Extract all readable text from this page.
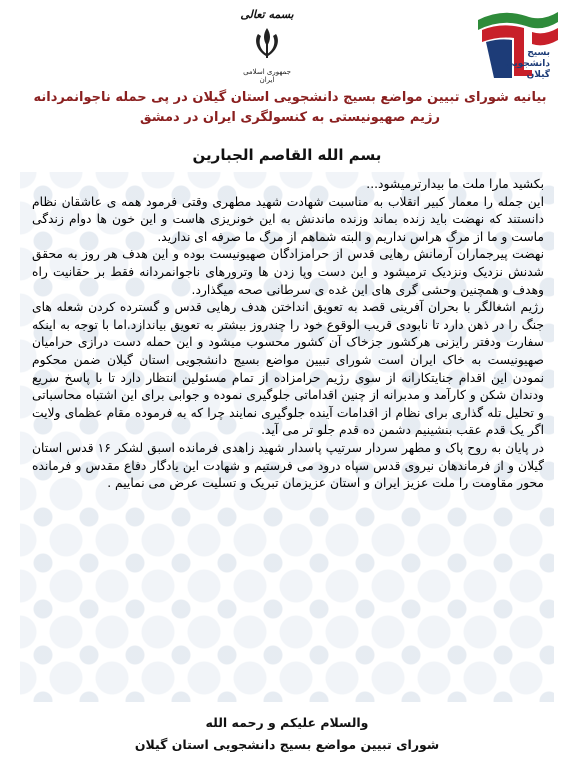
بسیج
دانشجویی
گیلان
بسمه تعالی
جمهوری اسلامی ایران
بیانیه شورای تبیین مواضع بسیج دانشجویی استان گیلان در پی حمله ناجوانمردانه
رژیم صهیونیستی به کنسولگری ایران در دمشق
بسم الله القاصم الجبارین

بکشید مارا ملت ما بیدارترمیشود...

این جمله را معمار کبیر انقلاب به مناسبت شهادت شهید مطهری وقتی فرمود همه ی عاشقان نظام دانستند که نهضت باید زنده بماند وزنده ماندنش به این خونریزی هاست و این خون ها دوام زندگی ماست و ما از مرگ هراس نداریم و البته شماهم از مرگ ما صرفه ای ندارید.

نهضت پیرجماران آرمانش رهایی قدس از حرامزادگان صهیونیست بوده و این هدف هر روز به محقق شدنش نزدیک ونزدیک ترمیشود و این دست وپا زدن ها وترورهای ناجوانمردانه فقط بر حقانیت راه وهدف و همچنین وحشی گری های این غده ی سرطانی صحه میگذارد.

رژیم اشغالگر با بحران آفرینی قصد به تعویق انداختن هدف رهایی قدس و گسترده کردن شعله های جنگ را در ذهن دارد تا نابودی قریب الوقوع خود را چندروز بیشتر به تعویق بیاندازد.اما با توجه به اینکه سفارت ودفتر رایزنی هرکشور جزخاک آن کشور محسوب میشود و این حمله دست درازی حرامیان صهیونیست به خاک ایران است شورای تبیین مواضع بسیج دانشجویی استان گیلان ضمن محکوم نمودن این اقدام جنایتکارانه از سوی رژیم حرامزاده از تمام مسئولین انتظار دارد تا با پاسخ سریع ودندان شکن و کارآمد و مدبرانه از چنین اقداماتی جلوگیری نموده و جوابی برای این اشتباه محاسباتی و تحلیل تله گذاری برای نظام از اقدامات آینده جلوگیری نمایند چرا که به فرموده مقام عظمای ولایت اگر یک قدم عقب بنشینیم دشمن ده قدم جلو تر می آید.

در پایان به روح پاک و مطهر سردار سرتیپ پاسدار شهید زاهدی فرمانده اسبق لشکر ۱۶ قدس استان گیلان و از فرماندهان نیروی قدس سپاه درود می فرستیم و شهادت این یادگار دفاع مقدس و فرمانده محور مقاومت را ملت عزیز ایران و استان عزیزمان تبریک و تسلیت عرض می نماییم .

والسلام علیکم و رحمه الله
شورای تبیین مواضع بسیج دانشجویی استان گیلان
